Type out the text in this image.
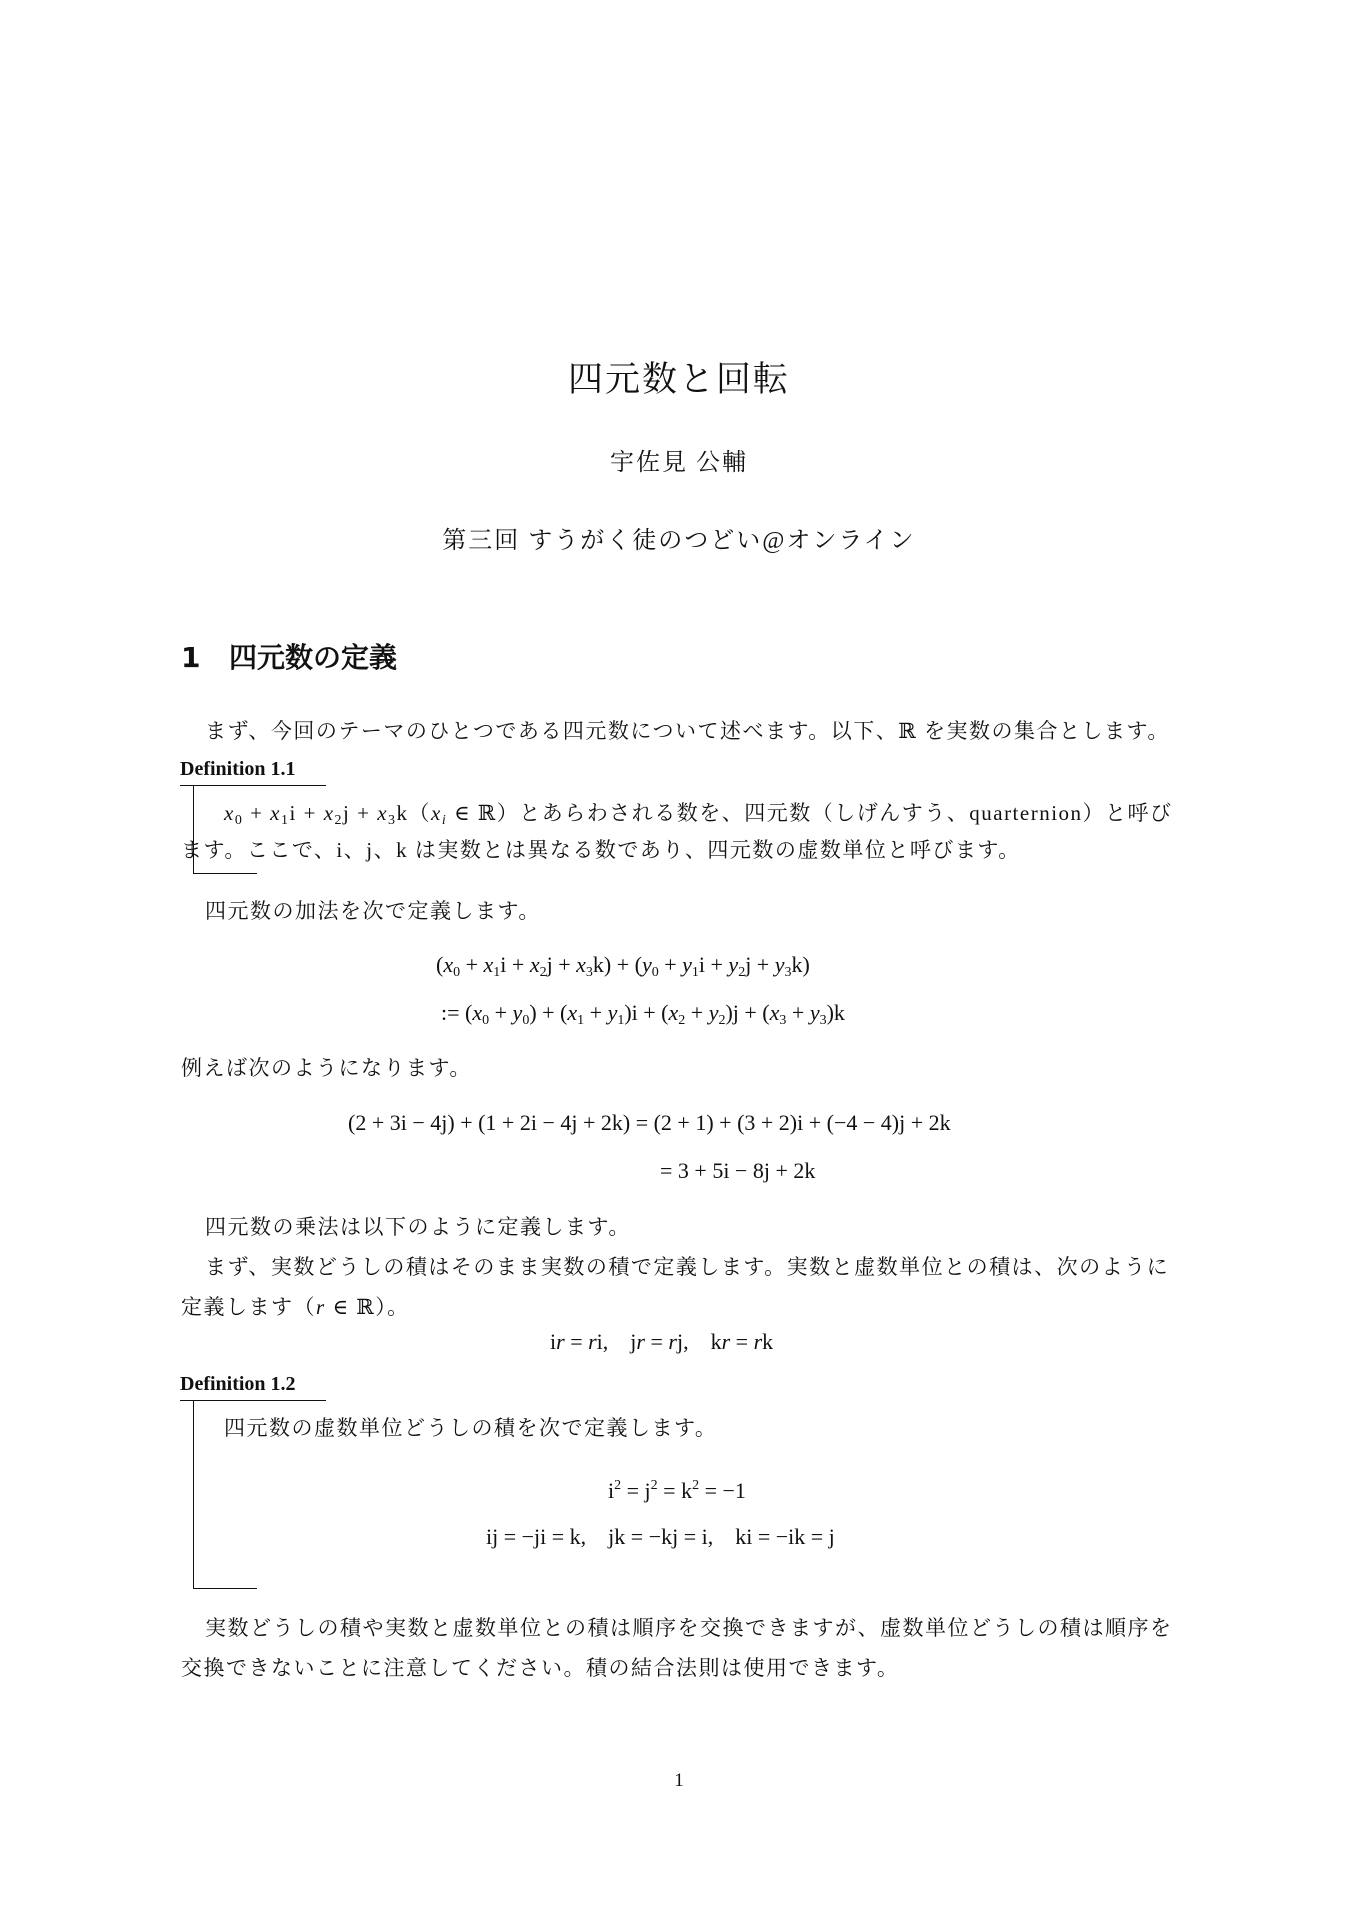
四元数と回転
宇佐見 公輔
第三回 すうがく徒のつどい@オンライン
1 四元数の定義
まず、今回のテーマのひとつである四元数について述べます。以下、ℝ を実数の集合とします。
Definition 1.1
$x_0 + x_1i + x_2j + x_3k(x_i$ ∈ ℝ）とあらわされる数を、四元数（しげんすう、quarternion）と呼び
ます。ここで、i、j、k は実数とは異なる数であり、四元数の虚数単位と呼びます。
四元数の加法を次で定義します。
$(x_0 + x_1i + x_2j + x_3k) + (y_0 + y_1i + y_2j + y_3k)$
:= $(x_0 + y_0) + (x_1 + y_1)i + (x_2 + y_2)j + (x_3 + y_3)k$
例えば次のようになります。
(2 + 3i − 4j) + (1 + 2i − 4j + 2k) = (2 + 1) + (3 + 2)i + (−4 − 4)j + 2k
= 3 + 5i − 8j + 2k
四元数の乗法は以下のように定義します。
まず、実数どうしの積はそのまま実数の積で定義します。実数と虚数単位との積は、次のように
定義します（r ∈ ℝ）。
ir = ri,    jr = rj,    kr = rk
Definition 1.2
四元数の虚数単位どうしの積を次で定義します。
$i^2 = j^2 = k^2 = -1$
ij = −ji = k,    jk = −kj = i,    ki = −ik = j
実数どうしの積や実数と虚数単位との積は順序を交換できますが、虚数単位どうしの積は順序を
交換できないことに注意してください。積の結合法則は使用できます。
1
